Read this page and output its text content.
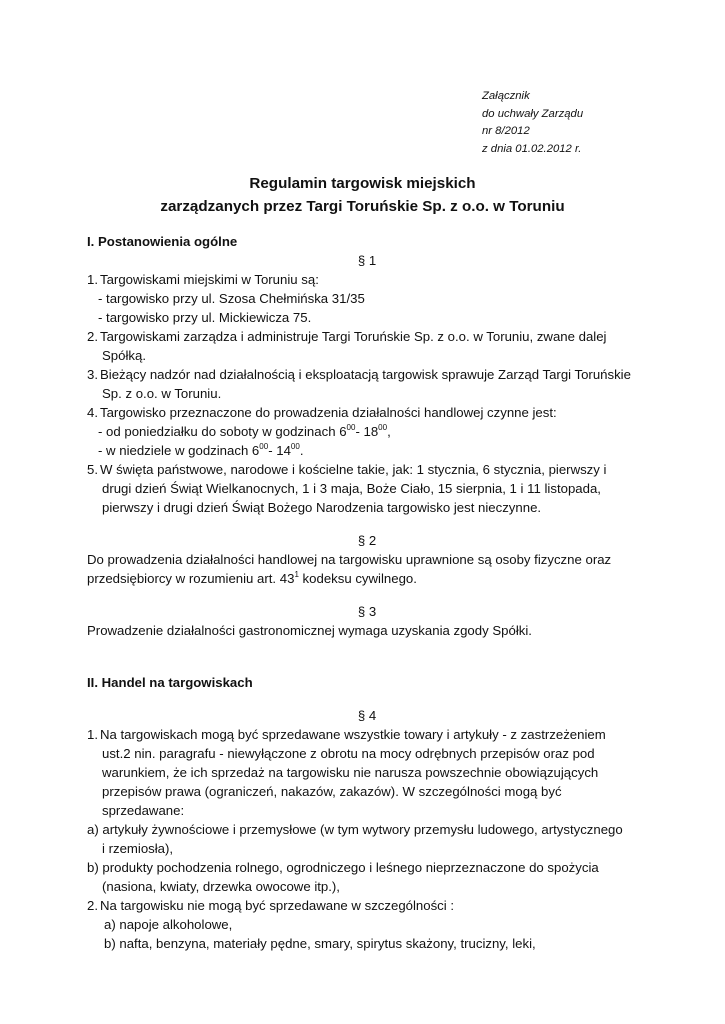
Załącznik
do uchwały Zarządu
nr 8/2012
z dnia 01.02.2012 r.
Regulamin targowisk miejskich
zarządzanych przez Targi Toruńskie Sp. z o.o. w Toruniu
I. Postanowienia ogólne
§ 1
1. Targowiskami miejskimi w Toruniu są:
- targowisko przy ul. Szosa Chełmińska 31/35
- targowisko przy ul. Mickiewicza 75.
2. Targowiskami zarządza i administruje Targi Toruńskie Sp. z o.o. w Toruniu, zwane dalej
Spółką.
3. Bieżący nadzór nad działalnością i eksploatacją targowisk sprawuje Zarząd Targi Toruńskie
Sp. z o.o. w Toruniu.
4. Targowisko przeznaczone do prowadzenia działalności handlowej czynne jest:
- od poniedziałku do soboty w godzinach $6^{00}-$ $18^{00}$,
- w niedziele w godzinach $6^{00}-$ $14^{00}$.
5. W święta państwowe, narodowe i kościelne takie, jak: 1 stycznia, 6 stycznia, pierwszy i
drugi dzień Świąt Wielkanocnych, 1 i 3 maja, Boże Ciało, 15 sierpnia, 1 i 11 listopada,
pierwszy i drugi dzień Świąt Bożego Narodzenia targowisko jest nieczynne.
§ 2
Do prowadzenia działalności handlowej na targowisku uprawnione są osoby fizyczne oraz
przedsiębiorcy w rozumieniu art. $43^1$ kodeksu cywilnego.
§ 3
Prowadzenie działalności gastronomicznej wymaga uzyskania zgody Spółki.
II. Handel na targowiskach
§ 4
1. Na targowiskach mogą być sprzedawane wszystkie towary i artykuły - z zastrzeżeniem
ust.2 nin. paragrafu - niewyłączone z obrotu na mocy odrębnych przepisów oraz pod
warunkiem, że ich sprzedaż na targowisku nie narusza powszechnie obowiązujących
przepisów prawa (ograniczeń, nakazów, zakazów). W szczególności mogą być
sprzedawane:
a) artykuły żywnościowe i przemysłowe (w tym wytwory przemysłu ludowego, artystycznego
i rzemiosła),
b) produkty pochodzenia rolnego, ogrodniczego i leśnego nieprzeznaczone do spożycia
(nasiona, kwiaty, drzewka owocowe itp.),
2. Na targowisku nie mogą być sprzedawane w szczególności :
a) napoje alkoholowe,
b) nafta, benzyna, materiały pędne, smary, spirytus skażony, trucizny, leki,
